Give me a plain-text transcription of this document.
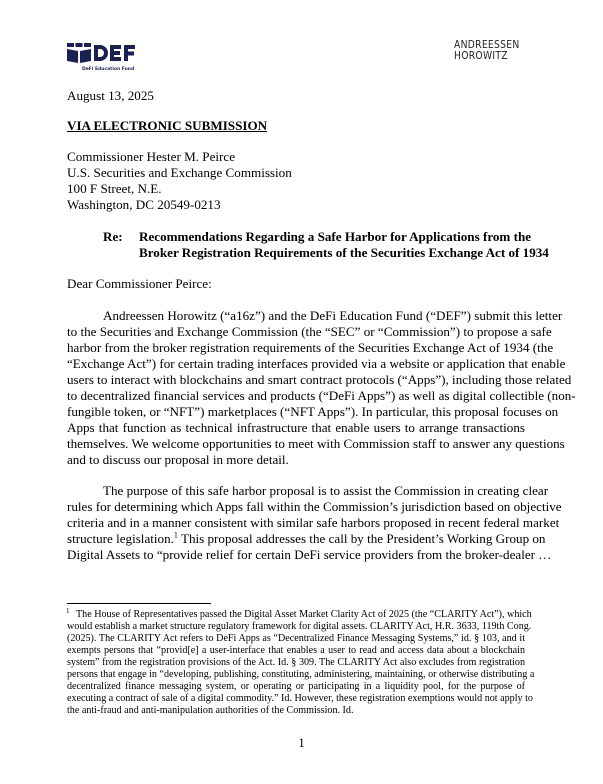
DeFi Education Fund
ANDREESSEN
HOROWITZ
August 13, 2025
VIA ELECTRONIC SUBMISSION
Commissioner Hester M. Peirce
U.S. Securities and Exchange Commission
100 F Street, N.E.
Washington, DC 20549-0213
Re: Recommendations Regarding a Safe Harbor for Applications from the
Broker Registration Requirements of the Securities Exchange Act of 1934
Dear Commissioner Peirce:
Andreessen Horowitz (“a16z”) and the DeFi Education Fund (“DEF”) submit this letter
to the Securities and Exchange Commission (the “SEC” or “Commission”) to propose a safe
harbor from the broker registration requirements of the Securities Exchange Act of 1934 (the
“Exchange Act”) for certain trading interfaces provided via a website or application that enable
users to interact with blockchains and smart contract protocols (“Apps”), including those related
to decentralized financial services and products (“DeFi Apps”) as well as digital collectible (non-
fungible token, or “NFT”) marketplaces (“NFT Apps”). In particular, this proposal focuses on
Apps that function as technical infrastructure that enable users to arrange transactions
themselves. We welcome opportunities to meet with Commission staff to answer any questions
and to discuss our proposal in more detail.
The purpose of this safe harbor proposal is to assist the Commission in creating clear
rules for determining which Apps fall within the Commission’s jurisdiction based on objective
criteria and in a manner consistent with similar safe harbors proposed in recent federal market
Digital Assets to “provide relief for certain DeFi service providers from the broker-dealer …
structure legislation.$^1$ This proposal addresses the call by the President’s Working Group on
1 The House of Representatives passed the Digital Asset Market Clarity Act of 2025 (the “CLARITY Act”), which
would establish a market structure regulatory framework for digital assets. CLARITY Act, H.R. 3633, 119th Cong.
(2025). The CLARITY Act refers to DeFi Apps as “Decentralized Finance Messaging Systems,” id. § 103, and it
exempts persons that “provid[e] a user-interface that enables a user to read and access data about a blockchain
system” from the registration provisions of the Act. Id. § 309. The CLARITY Act also excludes from registration
persons that engage in “developing, publishing, constituting, administering, maintaining, or otherwise distributing a
decentralized finance messaging system, or operating or participating in a liquidity pool, for the purpose of
executing a contract of sale of a digital commodity.” Id. However, these registration exemptions would not apply to
the anti-fraud and anti-manipulation authorities of the Commission. Id.
1
